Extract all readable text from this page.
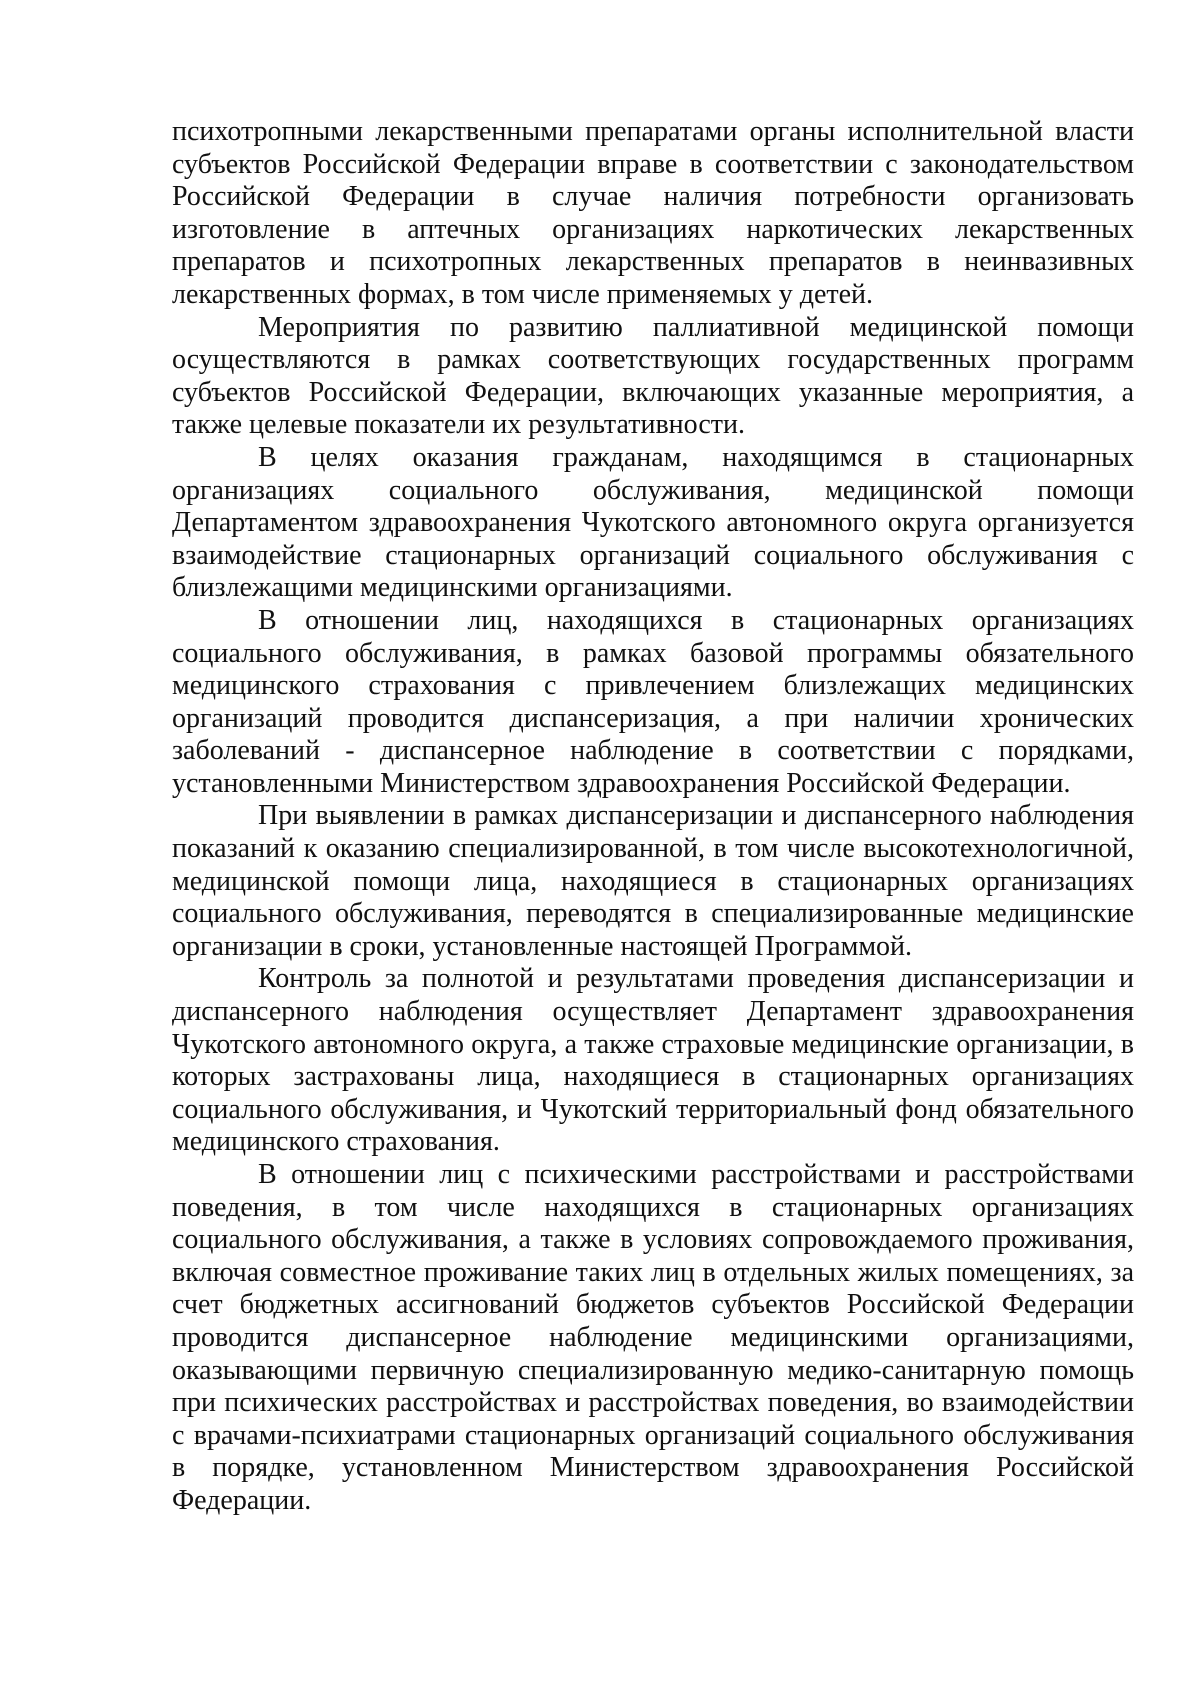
психотропными лекарственными препаратами органы исполнительной власти субъектов Российской Федерации вправе в соответствии с законодательством Российской Федерации в случае наличия потребности организовать изготовление в аптечных организациях наркотических лекарственных препаратов и психотропных лекарственных препаратов в неинвазивных лекарственных формах, в том числе применяемых у детей.

Мероприятия по развитию паллиативной медицинской помощи осуществляются в рамках соответствующих государственных программ субъектов Российской Федерации, включающих указанные мероприятия, а также целевые показатели их результативности.

В целях оказания гражданам, находящимся в стационарных организациях социального обслуживания, медицинской помощи Департаментом здравоохранения Чукотского автономного округа организуется взаимодействие стационарных организаций социального обслуживания с близлежащими медицинскими организациями.

В отношении лиц, находящихся в стационарных организациях социального обслуживания, в рамках базовой программы обязательного медицинского страхования с привлечением близлежащих медицинских организаций проводится диспансеризация, а при наличии хронических заболеваний - диспансерное наблюдение в соответствии с порядками, установленными Министерством здравоохранения Российской Федерации.

При выявлении в рамках диспансеризации и диспансерного наблюдения показаний к оказанию специализированной, в том числе высокотехнологичной, медицинской помощи лица, находящиеся в стационарных организациях социального обслуживания, переводятся в специализированные медицинские организации в сроки, установленные настоящей Программой.

Контроль за полнотой и результатами проведения диспансеризации и диспансерного наблюдения осуществляет Департамент здравоохранения Чукотского автономного округа, а также страховые медицинские организации, в которых застрахованы лица, находящиеся в стационарных организациях социального обслуживания, и Чукотский территориальный фонд обязательного медицинского страхования.

В отношении лиц с психическими расстройствами и расстройствами поведения, в том числе находящихся в стационарных организациях социального обслуживания, а также в условиях сопровождаемого проживания, включая совместное проживание таких лиц в отдельных жилых помещениях, за счет бюджетных ассигнований бюджетов субъектов Российской Федерации проводится диспансерное наблюдение медицинскими организациями, оказывающими первичную специализированную медико-санитарную помощь при психических расстройствах и расстройствах поведения, во взаимодействии с врачами-психиатрами стационарных организаций социального обслуживания в порядке, установленном Министерством здравоохранения Российской Федерации.
